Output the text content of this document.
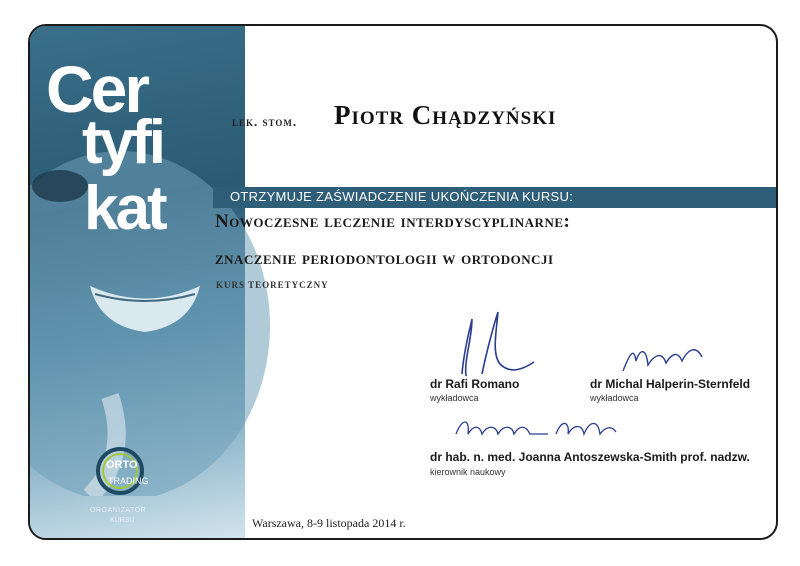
Cer
tyfi
kat
ORTO
TRADING
ORGANIZATOR
KURSU
lek. stom. Piotr Chądzyński
OTRZYMUJE ZAŚWIADCZENIE UKOŃCZENIA KURSU:
Nowoczesne leczenie interdyscyplinarne:
znaczenie periodontologii w ortodoncji
KURS TEORETYCZNY
dr Rafi Romano
wykładowca
dr Michal Halperin-Sternfeld
wykładowca
dr hab. n. med. Joanna Antoszewska-Smith prof. nadzw.
kierownik naukowy
Warszawa, 8-9 listopada 2014 r.
